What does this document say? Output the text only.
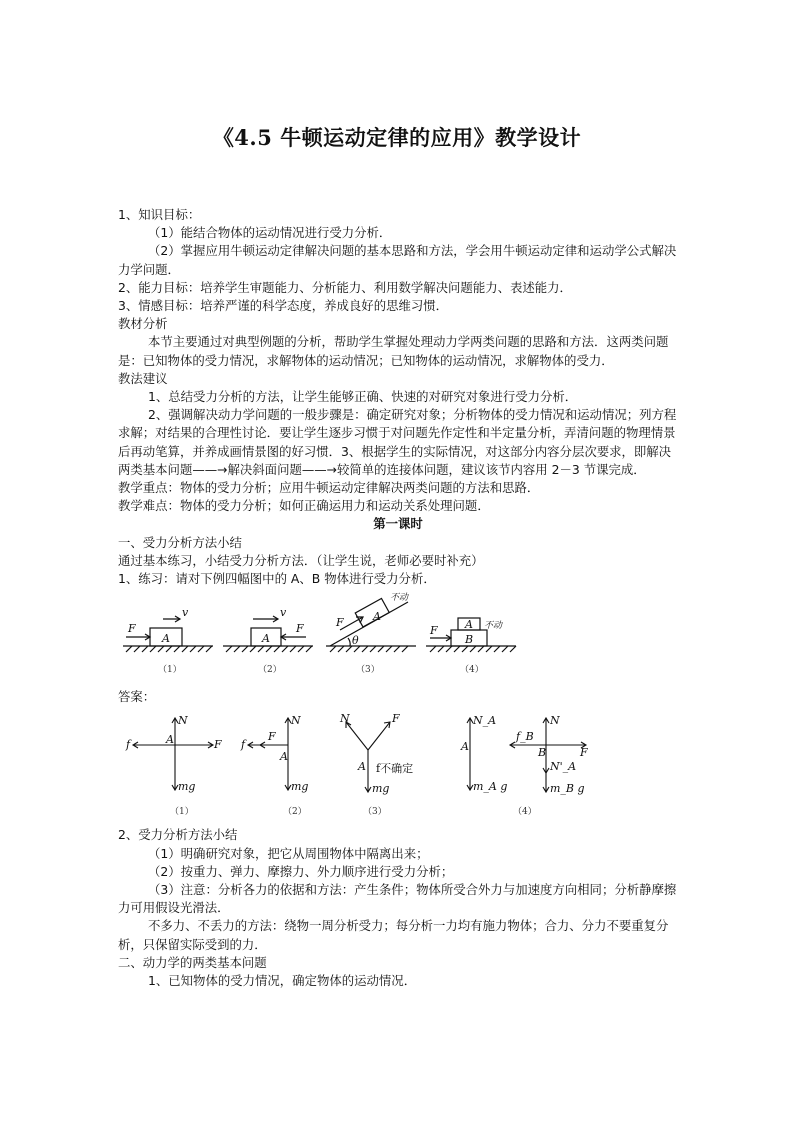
《4.5 牛顿运动定律的应用》教学设计

1、知识目标：

（1）能结合物体的运动情况进行受力分析．

（2）掌握应用牛顿运动定律解决问题的基本思路和方法，学会用牛顿运动定律和运动学公式解决力学问题．

2、能力目标：培养学生审题能力、分析能力、利用数学解决问题能力、表述能力．

3、情感目标：培养严谨的科学态度，养成良好的思维习惯．

教材分析

本节主要通过对典型例题的分析，帮助学生掌握处理动力学两类问题的思路和方法．这两类问题是：已知物体的受力情况，求解物体的运动情况；已知物体的运动情况，求解物体的受力．

教法建议

1、总结受力分析的方法，让学生能够正确、快速的对研究对象进行受力分析．

2、强调解决动力学问题的一般步骤是：确定研究对象；分析物体的受力情况和运动情况；列方程求解；对结果的合理性讨论．要让学生逐步习惯于对问题先作定性和半定量分析，弄清问题的物理情景后再动笔算，并养成画情景图的好习惯．3、根据学生的实际情况，对这部分内容分层次要求，即解决两类基本问题——→解决斜面问题——→较简单的连接体问题，建议该节内容用 2－3 节课完成．

教学重点：物体的受力分析；应用牛顿运动定律解决两类问题的方法和思路．

教学难点：物体的受力分析；如何正确运用力和运动关系处理问题．

第一课时

一、受力分析方法小结

通过基本练习，小结受力分析方法．（让学生说，老师必要时补充）

1、练习：请对下例四幅图中的 A、B 物体进行受力分析．

F
v
A
F
v
A
F	A
θ
不动
F A
B
不动
（1）	（2）	（3）	（4）

答案：

N
F
f	A
mg
N
F
f
A
mg
N	F
A f不确定
mg
N_A
A
m_A g
N
f_B
B	F
N'_A
m_B g
（1）	（2）	（3）	（4）

2、受力分析方法小结

（1）明确研究对象，把它从周围物体中隔离出来；

（2）按重力、弹力、摩擦力、外力顺序进行受力分析；

（3）注意：分析各力的依据和方法：产生条件；物体所受合外力与加速度方向相同；分析静摩擦力可用假设光滑法．

不多力、不丢力的方法：绕物一周分析受力；每分析一力均有施力物体；合力、分力不要重复分析，只保留实际受到的力．

二、动力学的两类基本问题

1、已知物体的受力情况，确定物体的运动情况．
